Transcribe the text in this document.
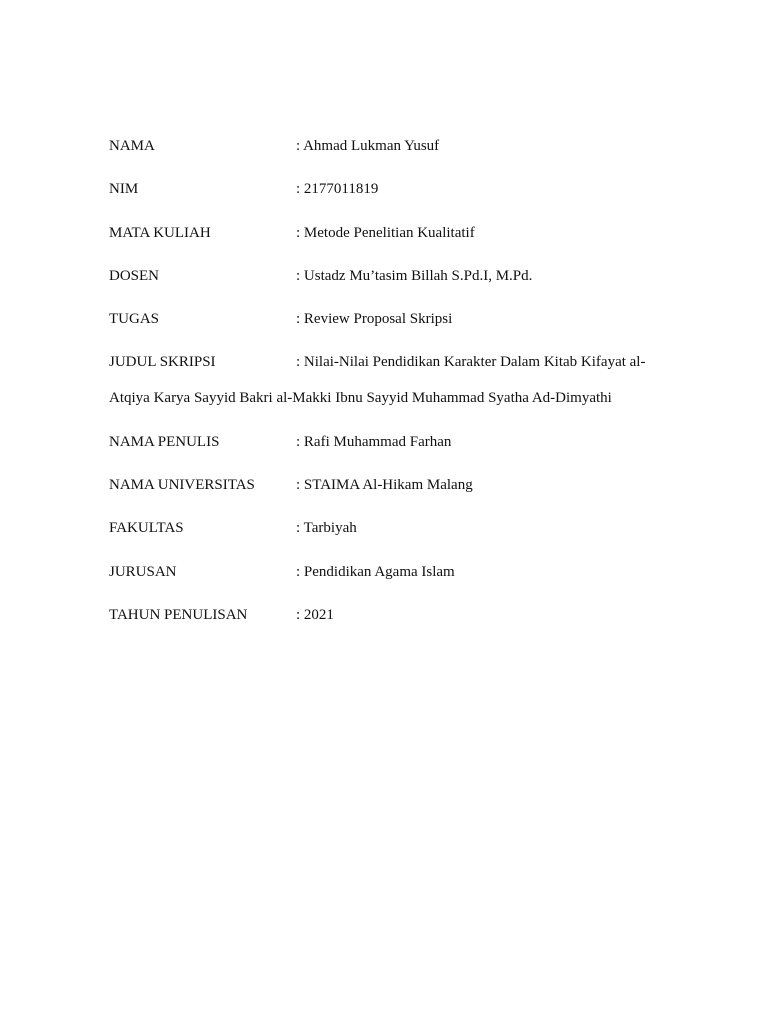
NAMA	: Ahmad Lukman Yusuf
NIM	: 2177011819
MATA KULIAH	: Metode Penelitian Kualitatif
DOSEN	: Ustadz Mu’tasim Billah S.Pd.I, M.Pd.
TUGAS	: Review Proposal Skripsi
JUDUL SKRIPSI	: Nilai-Nilai Pendidikan Karakter Dalam Kitab Kifayat al-
Atqiya Karya Sayyid Bakri al-Makki Ibnu Sayyid Muhammad Syatha Ad-Dimyathi
NAMA PENULIS	: Rafi Muhammad Farhan
NAMA UNIVERSITAS	: STAIMA Al-Hikam Malang
FAKULTAS	: Tarbiyah
JURUSAN	: Pendidikan Agama Islam
TAHUN PENULISAN	: 2021
